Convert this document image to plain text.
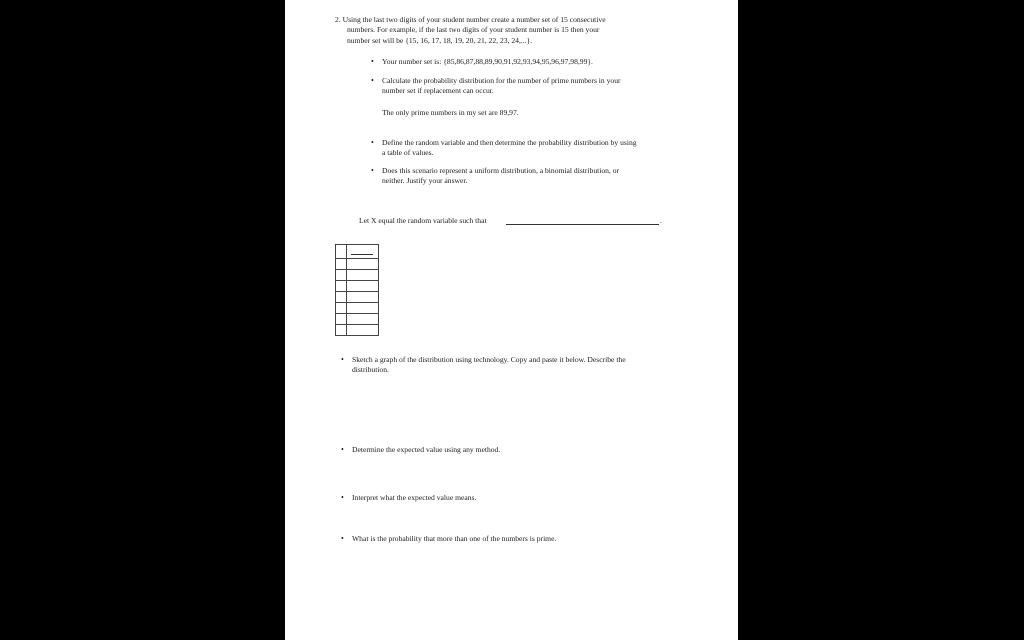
2. Using the last two digits of your student number create a number set of 15 consecutive
numbers. For example, if the last two digits of your student number is 15 then your
number set will be {15, 16, 17, 18, 19, 20, 21, 22, 23, 24,...}.
• Your number set is: {85,86,87,88,89,90,91,92,93,94,95,96,97,98,99}.
• Calculate the probability distribution for the number of prime numbers in your
number set if replacement can occur.
The only prime numbers in my set are 89,97.
• Define the random variable and then determine the probability distribution by using
a table of values.
• Does this scenario represent a uniform distribution, a binomial distribution, or
neither. Justify your answer.
Let X equal the random variable such that	.

• Sketch a graph of the distribution using technology. Copy and paste it below. Describe the
distribution.
• Determine the expected value using any method.
• Interpret what the expected value means.
• What is the probability that more than one of the numbers is prime.
